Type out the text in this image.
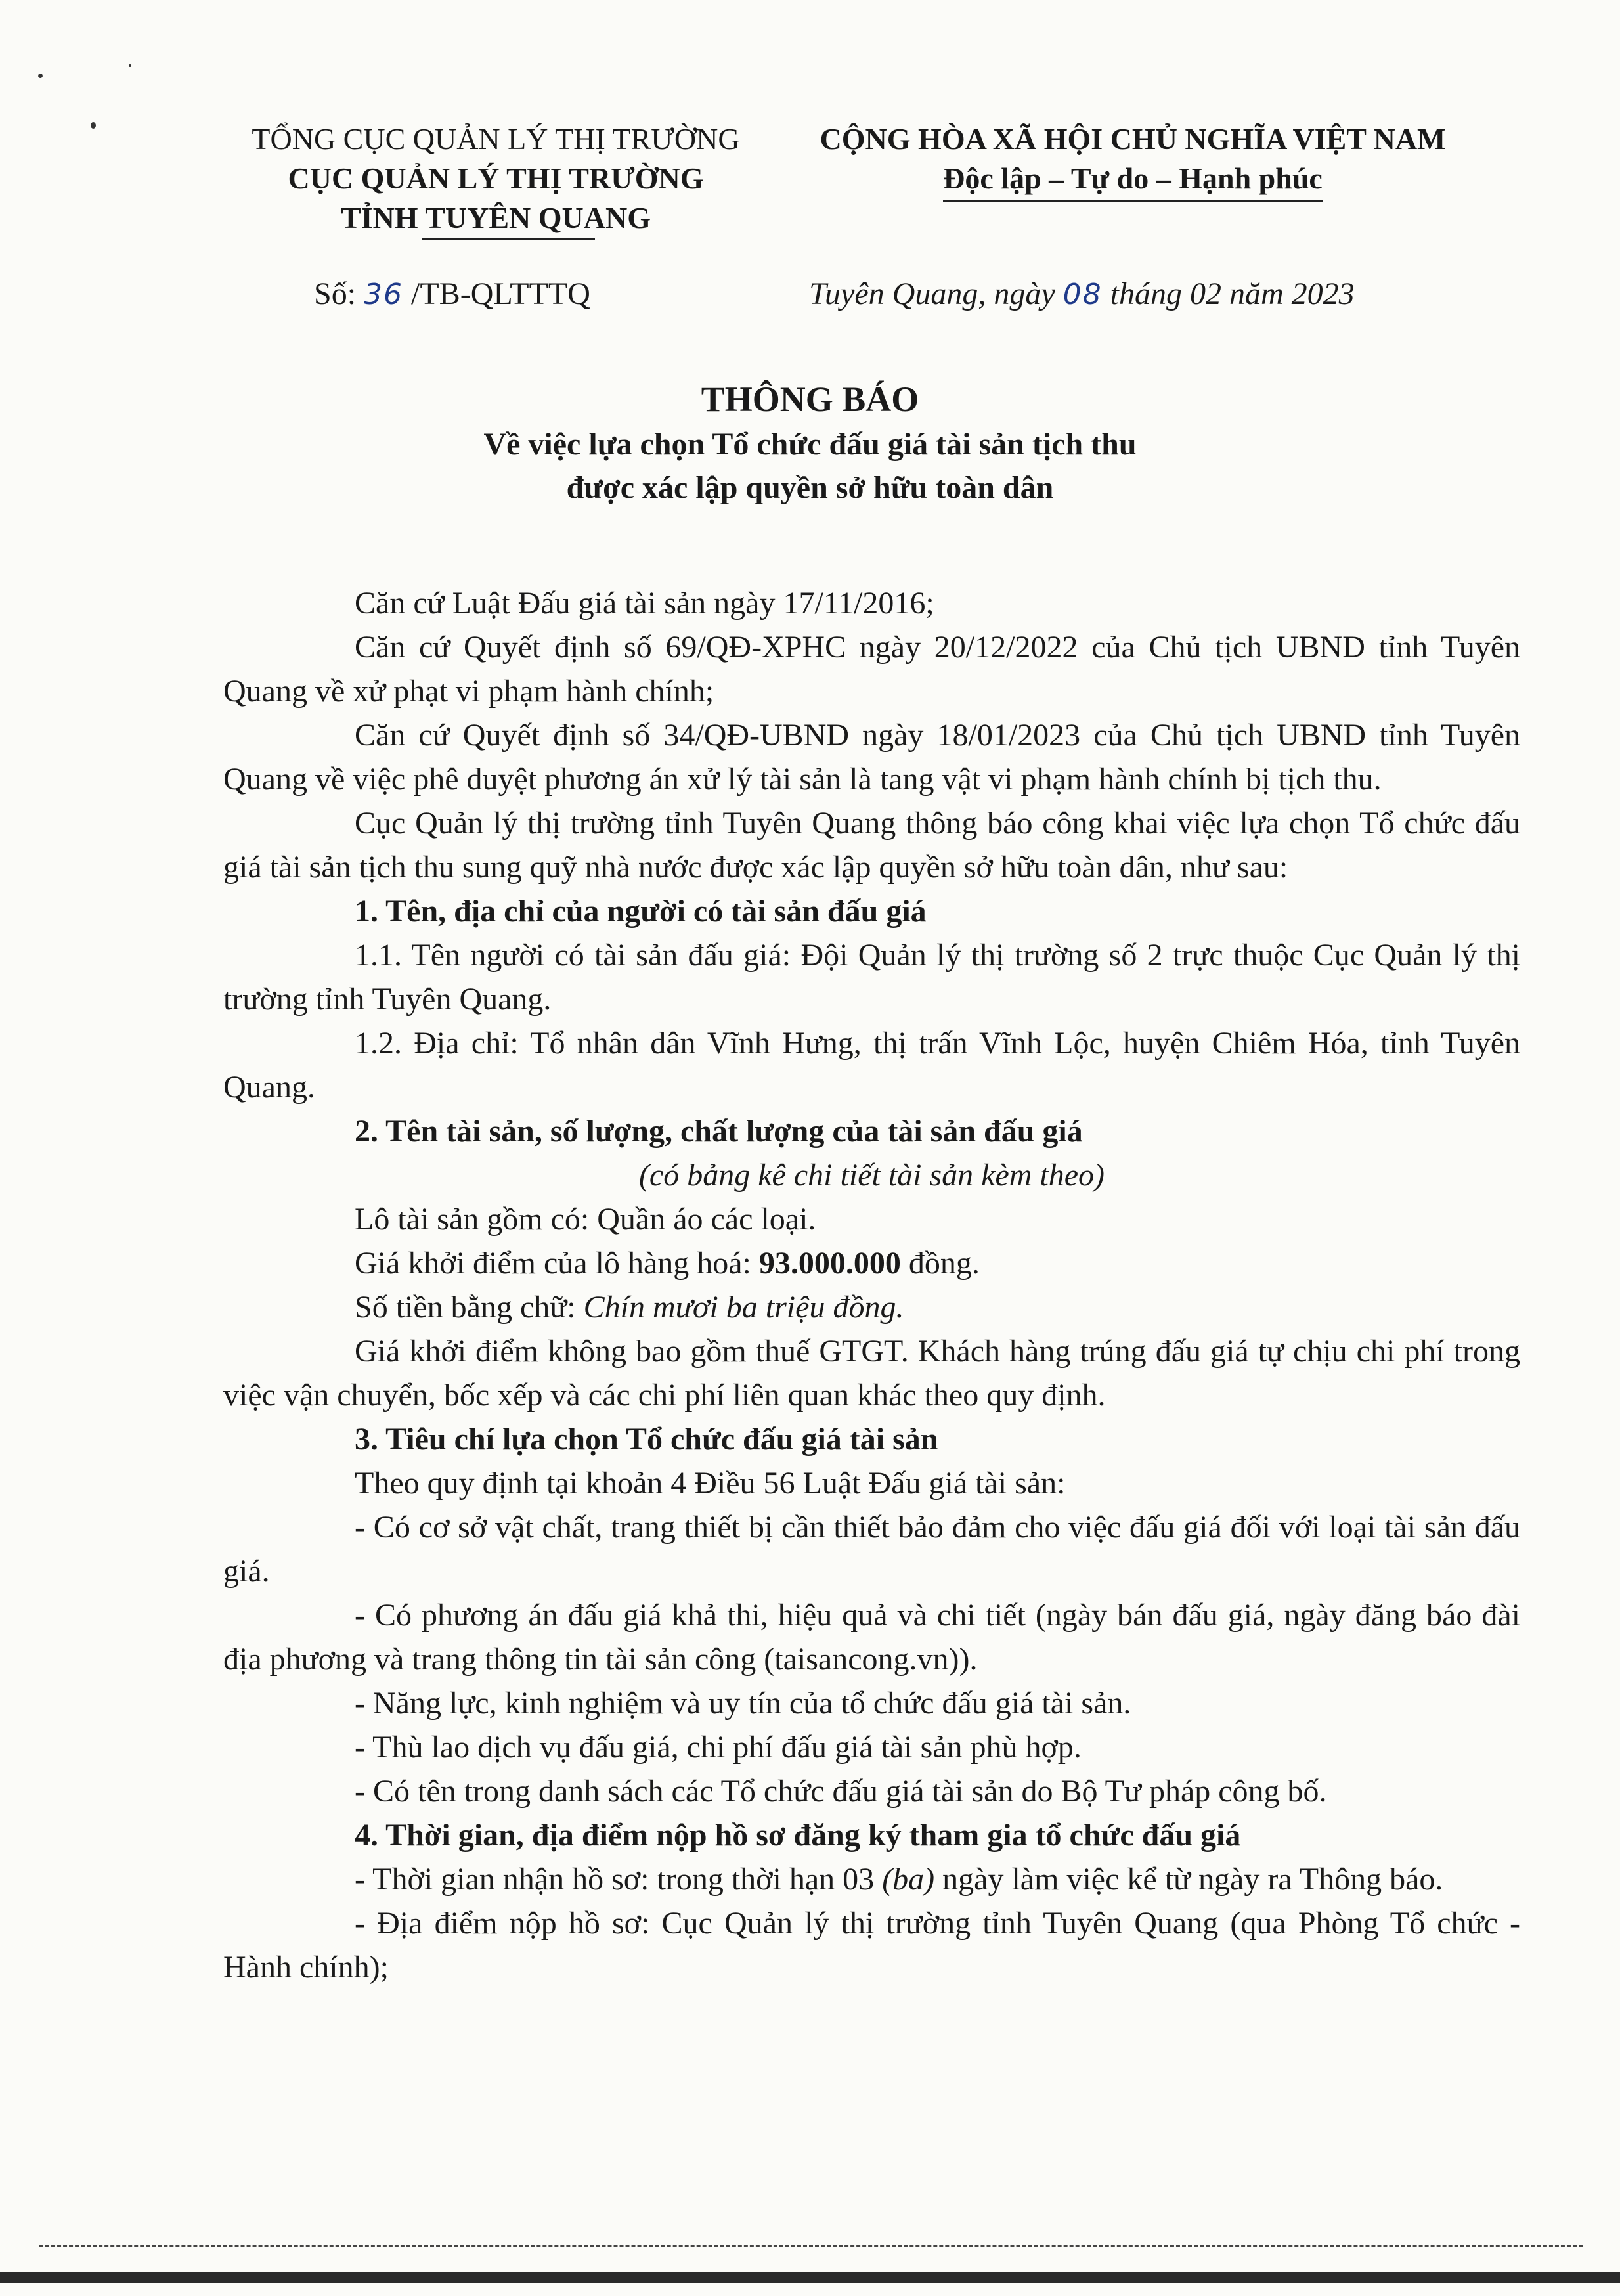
TỔNG CỤC QUẢN LÝ THỊ TRƯỜNG
CỤC QUẢN LÝ THỊ TRƯỜNG
TỈNH TUYÊN QUANG
CỘNG HÒA XÃ HỘI CHỦ NGHĨA VIỆT NAM
Độc lập – Tự do – Hạnh phúc
Số: 36 /TB-QLTTTQ	Tuyên Quang, ngày 08 tháng 02 năm 2023
THÔNG BÁO
Về việc lựa chọn Tổ chức đấu giá tài sản tịch thu
được xác lập quyền sở hữu toàn dân

Căn cứ Luật Đấu giá tài sản ngày 17/11/2016;

Căn cứ Quyết định số 69/QĐ-XPHC ngày 20/12/2022 của Chủ tịch UBND tỉnh Tuyên Quang về xử phạt vi phạm hành chính;

Căn cứ Quyết định số 34/QĐ-UBND ngày 18/01/2023 của Chủ tịch UBND tỉnh Tuyên Quang về việc phê duyệt phương án xử lý tài sản là tang vật vi phạm hành chính bị tịch thu.

Cục Quản lý thị trường tỉnh Tuyên Quang thông báo công khai việc lựa chọn Tổ chức đấu giá tài sản tịch thu sung quỹ nhà nước được xác lập quyền sở hữu toàn dân, như sau:

1. Tên, địa chỉ của người có tài sản đấu giá

1.1. Tên người có tài sản đấu giá: Đội Quản lý thị trường số 2 trực thuộc Cục Quản lý thị trường tỉnh Tuyên Quang.

1.2. Địa chỉ: Tổ nhân dân Vĩnh Hưng, thị trấn Vĩnh Lộc, huyện Chiêm Hóa, tỉnh Tuyên Quang.

2. Tên tài sản, số lượng, chất lượng của tài sản đấu giá

(có bảng kê chi tiết tài sản kèm theo)

Lô tài sản gồm có: Quần áo các loại.

Giá khởi điểm của lô hàng hoá: 93.000.000 đồng.

Số tiền bằng chữ: Chín mươi ba triệu đồng.

Giá khởi điểm không bao gồm thuế GTGT. Khách hàng trúng đấu giá tự chịu chi phí trong việc vận chuyển, bốc xếp và các chi phí liên quan khác theo quy định.

3. Tiêu chí lựa chọn Tổ chức đấu giá tài sản

Theo quy định tại khoản 4 Điều 56 Luật Đấu giá tài sản:

- Có cơ sở vật chất, trang thiết bị cần thiết bảo đảm cho việc đấu giá đối với loại tài sản đấu giá.

- Có phương án đấu giá khả thi, hiệu quả và chi tiết (ngày bán đấu giá, ngày đăng báo đài địa phương và trang thông tin tài sản công (taisancong.vn)).

- Năng lực, kinh nghiệm và uy tín của tổ chức đấu giá tài sản.

- Thù lao dịch vụ đấu giá, chi phí đấu giá tài sản phù hợp.

- Có tên trong danh sách các Tổ chức đấu giá tài sản do Bộ Tư pháp công bố.

4. Thời gian, địa điểm nộp hồ sơ đăng ký tham gia tổ chức đấu giá

- Thời gian nhận hồ sơ: trong thời hạn 03 (ba) ngày làm việc kể từ ngày ra Thông báo.

- Địa điểm nộp hồ sơ: Cục Quản lý thị trường tỉnh Tuyên Quang (qua Phòng Tổ chức - Hành chính);
